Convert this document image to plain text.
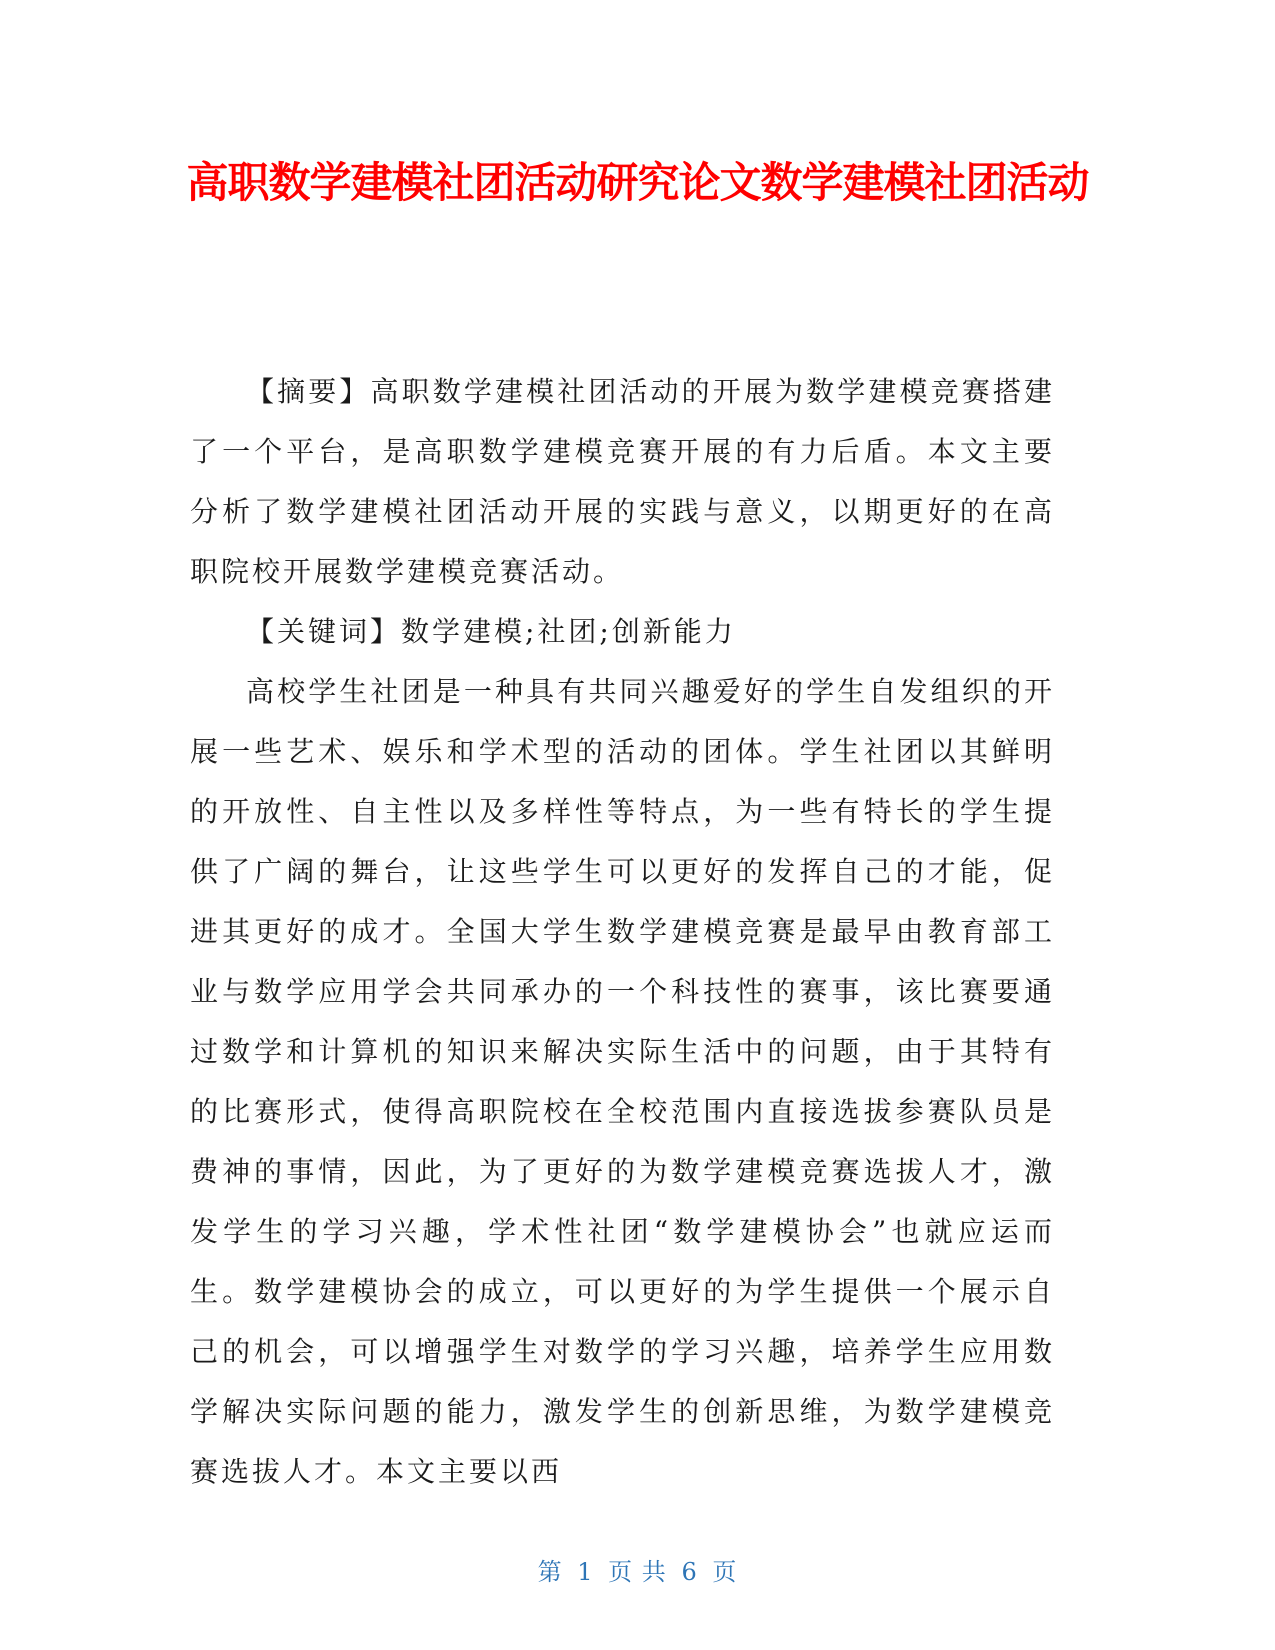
高职数学建模社团活动研究论文数学建模社团活动

【摘要】高职数学建模社团活动的开展为数学建模竞赛搭建了一个平台，是高职数学建模竞赛开展的有力后盾。本文主要分析了数学建模社团活动开展的实践与意义，以期更好的在高职院校开展数学建模竞赛活动。

【关键词】数学建模;社团;创新能力

高校学生社团是一种具有共同兴趣爱好的学生自发组织的开展一些艺术、娱乐和学术型的活动的团体。学生社团以其鲜明的开放性、自主性以及多样性等特点，为一些有特长的学生提供了广阔的舞台，让这些学生可以更好的发挥自己的才能，促进其更好的成才。全国大学生数学建模竞赛是最早由教育部工业与数学应用学会共同承办的一个科技性的赛事，该比赛要通过数学和计算机的知识来解决实际生活中的问题，由于其特有的比赛形式，使得高职院校在全校范围内直接选拔参赛队员是费神的事情，因此，为了更好的为数学建模竞赛选拔人才，激发学生的学习兴趣，学术性社团“数学建模协会”也就应运而生。数学建模协会的成立，可以更好的为学生提供一个展示自己的机会，可以增强学生对数学的学习兴趣，培养学生应用数学解决实际问题的能力，激发学生的创新思维，为数学建模竞赛选拔人才。本文主要以西

第 1 页 共 6 页
